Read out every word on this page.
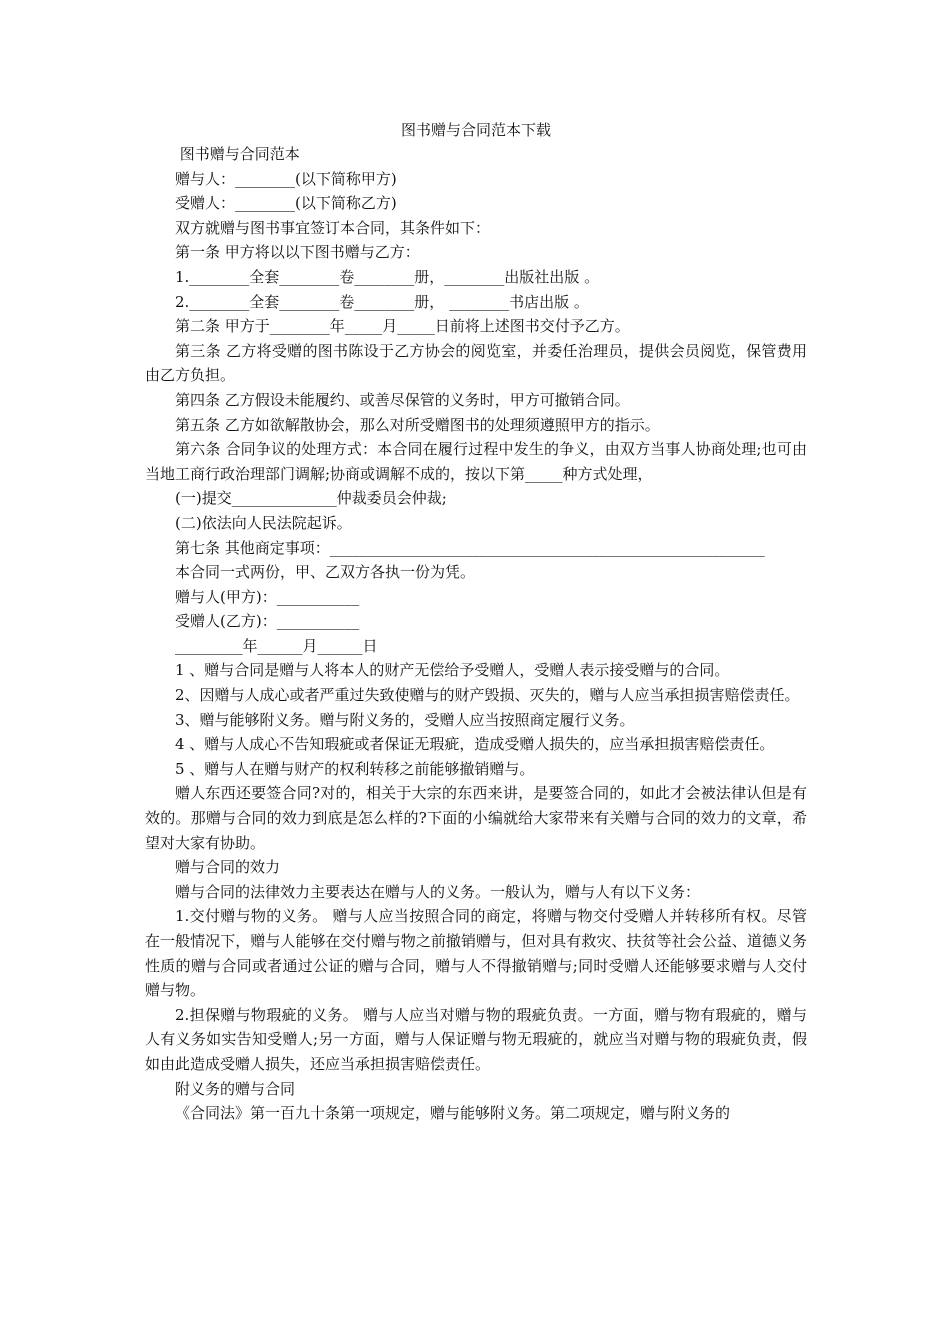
图书赠与合同范本下载
图书赠与合同范本
赠与人：________(以下简称甲方)
受赠人：________(以下简称乙方)
双方就赠与图书事宜签订本合同，其条件如下：
第一条 甲方将以以下图书赠与乙方：
1.________全套________卷________册，________出版社出版 。
2.________全套________卷________册， ________书店出版 。
第二条 甲方于________年_____月_____日前将上述图书交付予乙方。
第三条 乙方将受赠的图书陈设于乙方协会的阅览室，并委任治理员，提供会员阅览，保管费用由乙方负担。
第四条 乙方假设未能履约、或善尽保管的义务时，甲方可撤销合同。
第五条 乙方如欲解散协会，那么对所受赠图书的处理须遵照甲方的指示。
第六条 合同争议的处理方式：本合同在履行过程中发生的争义，由双方当事人协商处理;也可由当地工商行政治理部门调解;协商或调解不成的，按以下第_____种方式处理，
(一)提交______________仲裁委员会仲裁;
(二)依法向人民法院起诉。
第七条 其他商定事项：__________________________________________________________
本合同一式两份，甲、乙双方各执一份为凭。
赠与人(甲方)：___________
受赠人(乙方)：___________
_________年______月______日
1 、赠与合同是赠与人将本人的财产无偿给予受赠人，受赠人表示接受赠与的合同。
2、因赠与人成心或者严重过失致使赠与的财产毁损、灭失的，赠与人应当承担损害赔偿责任。
3、赠与能够附义务。赠与附义务的，受赠人应当按照商定履行义务。
4 、赠与人成心不告知瑕疵或者保证无瑕疵，造成受赠人损失的，应当承担损害赔偿责任。
5 、赠与人在赠与财产的权利转移之前能够撤销赠与。
赠人东西还要签合同?对的，相关于大宗的东西来讲，是要签合同的，如此才会被法律认但是有效的。那赠与合同的效力到底是怎么样的?下面的小编就给大家带来有关赠与合同的效力的文章，希望对大家有协助。
赠与合同的效力
赠与合同的法律效力主要表达在赠与人的义务。一般认为，赠与人有以下义务：
1.交付赠与物的义务。 赠与人应当按照合同的商定，将赠与物交付受赠人并转移所有权。尽管在一般情况下，赠与人能够在交付赠与物之前撤销赠与，但对具有救灾、扶贫等社会公益、道德义务性质的赠与合同或者通过公证的赠与合同，赠与人不得撤销赠与;同时受赠人还能够要求赠与人交付赠与物。
2.担保赠与物瑕疵的义务。 赠与人应当对赠与物的瑕疵负责。一方面，赠与物有瑕疵的，赠与人有义务如实告知受赠人;另一方面，赠与人保证赠与物无瑕疵的，就应当对赠与物的瑕疵负责，假如由此造成受赠人损失，还应当承担损害赔偿责任。
附义务的赠与合同
《合同法》第一百九十条第一项规定，赠与能够附义务。第二项规定，赠与附义务的
